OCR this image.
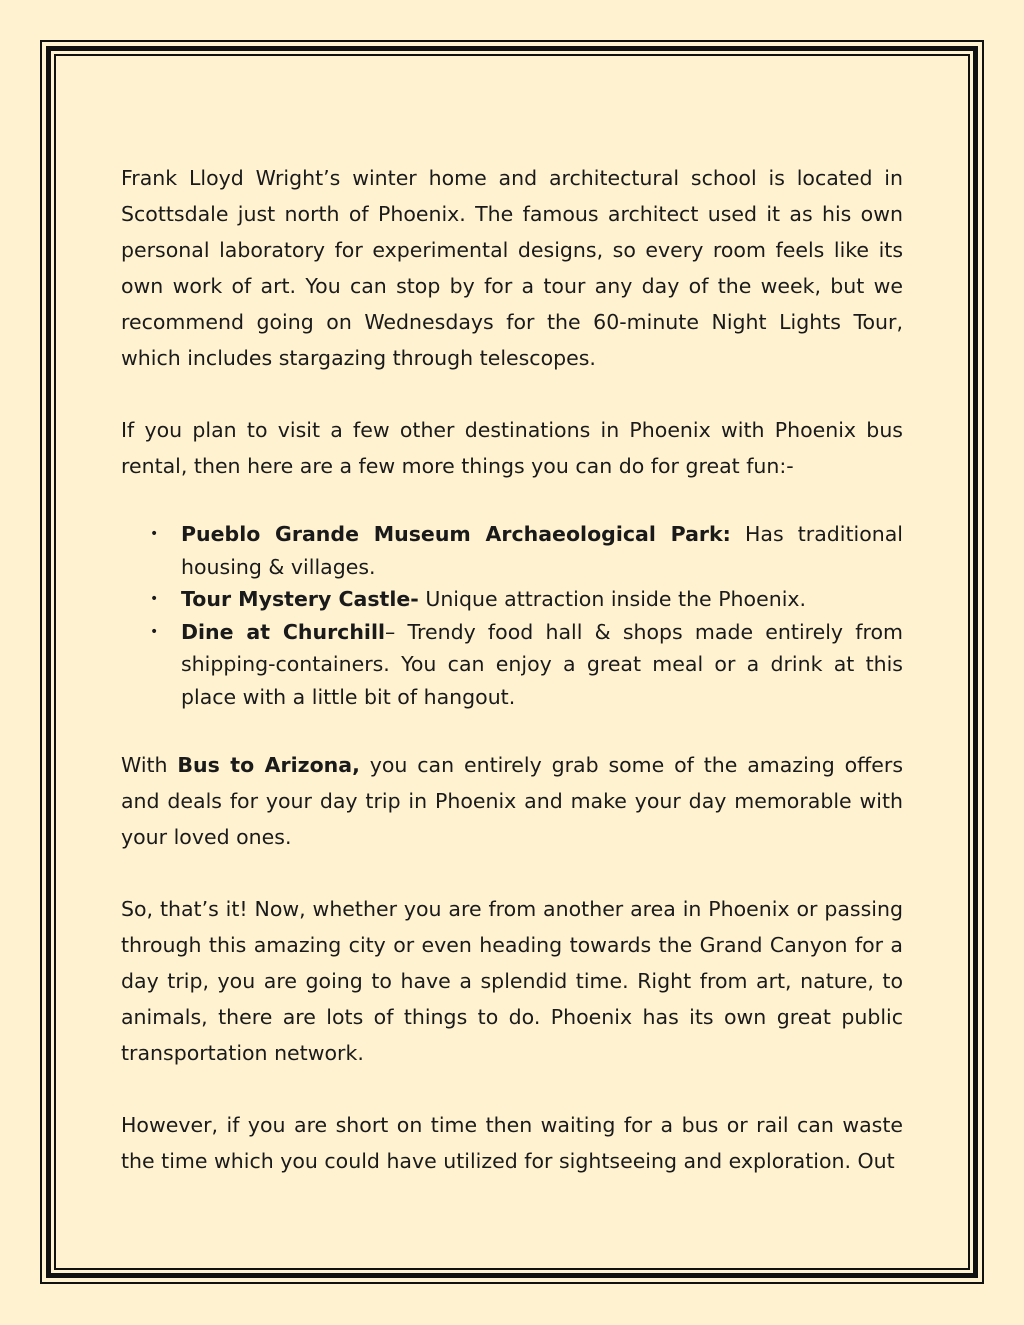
Frank Lloyd Wright’s winter home and architectural school is located in Scottsdale just north of Phoenix. The famous architect used it as his own personal laboratory for experimental designs, so every room feels like its own work of art. You can stop by for a tour any day of the week, but we recommend going on Wednesdays for the 60-minute Night Lights Tour, which includes stargazing through telescopes.

If you plan to visit a few other destinations in Phoenix with Phoenix bus rental, then here are a few more things you can do for great fun:-

• Pueblo Grande Museum Archaeological Park: Has traditional housing & villages.
• Tour Mystery Castle- Unique attraction inside the Phoenix.
• Dine at Churchill– Trendy food hall & shops made entirely from shipping-containers. You can enjoy a great meal or a drink at this place with a little bit of hangout.

With Bus to Arizona, you can entirely grab some of the amazing offers and deals for your day trip in Phoenix and make your day memorable with your loved ones.

So, that’s it! Now, whether you are from another area in Phoenix or passing through this amazing city or even heading towards the Grand Canyon for a day trip, you are going to have a splendid time. Right from art, nature, to animals, there are lots of things to do. Phoenix has its own great public transportation network.

However, if you are short on time then waiting for a bus or rail can waste the time which you could have utilized for sightseeing and exploration. Out
